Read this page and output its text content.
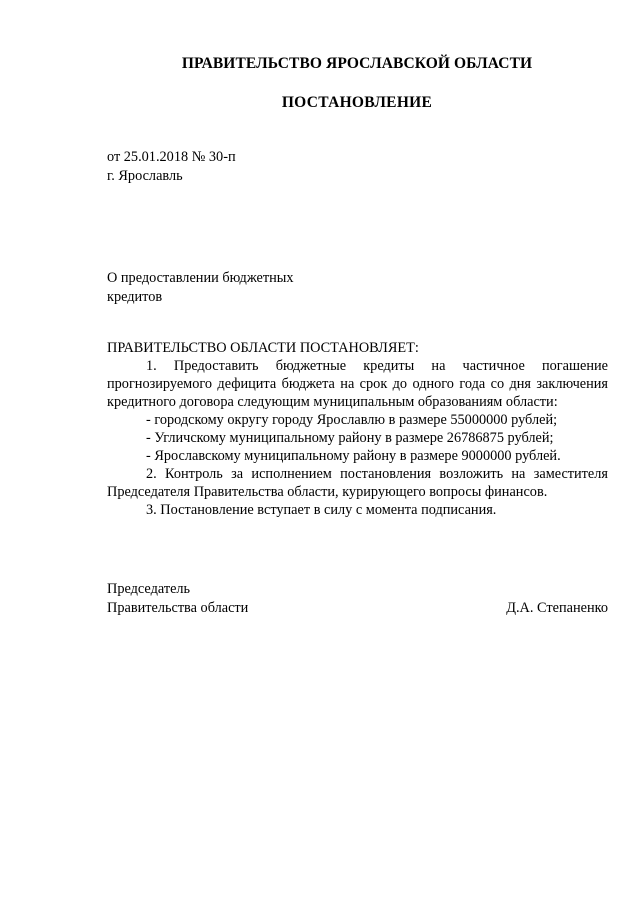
ПРАВИТЕЛЬСТВО ЯРОСЛАВСКОЙ ОБЛАСТИ
ПОСТАНОВЛЕНИЕ
от 25.01.2018 № 30-п
г. Ярославль
О предоставлении бюджетных
кредитов

ПРАВИТЕЛЬСТВО ОБЛАСТИ ПОСТАНОВЛЯЕТ:

1. Предоставить бюджетные кредиты на частичное погашение прогнозируемого дефицита бюджета на срок до одного года со дня заключения кредитного договора следующим муниципальным образованиям области:

- городскому округу городу Ярославлю в размере 55000000 рублей;

- Угличскому муниципальному району в размере 26786875 рублей;

- Ярославскому муниципальному району в размере 9000000 рублей.

2. Контроль за исполнением постановления возложить на заместителя Председателя Правительства области, курирующего вопросы финансов.

3. Постановление вступает в силу с момента подписания.

Председатель
Правительства области	Д.А. Степаненко
